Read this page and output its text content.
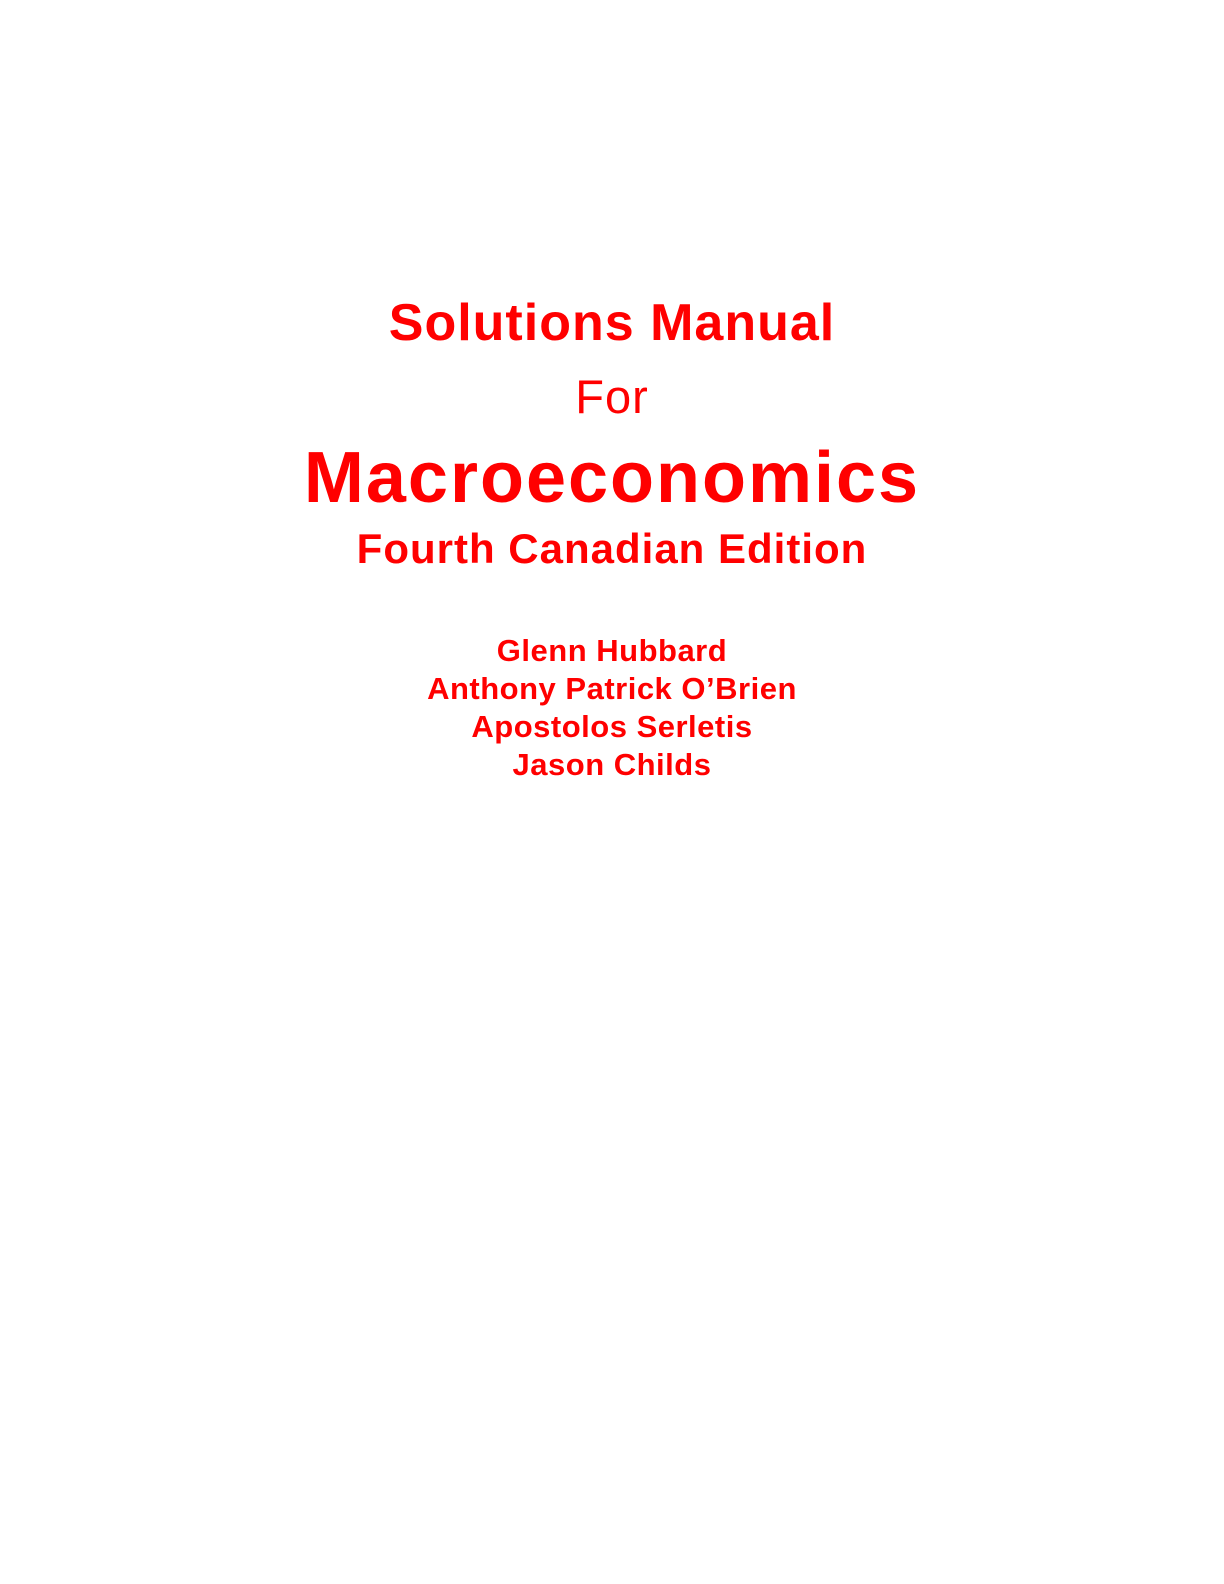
Solutions Manual
For
Macroeconomics
Fourth Canadian Edition
Glenn Hubbard
Anthony Patrick O’Brien
Apostolos Serletis
Jason Childs
